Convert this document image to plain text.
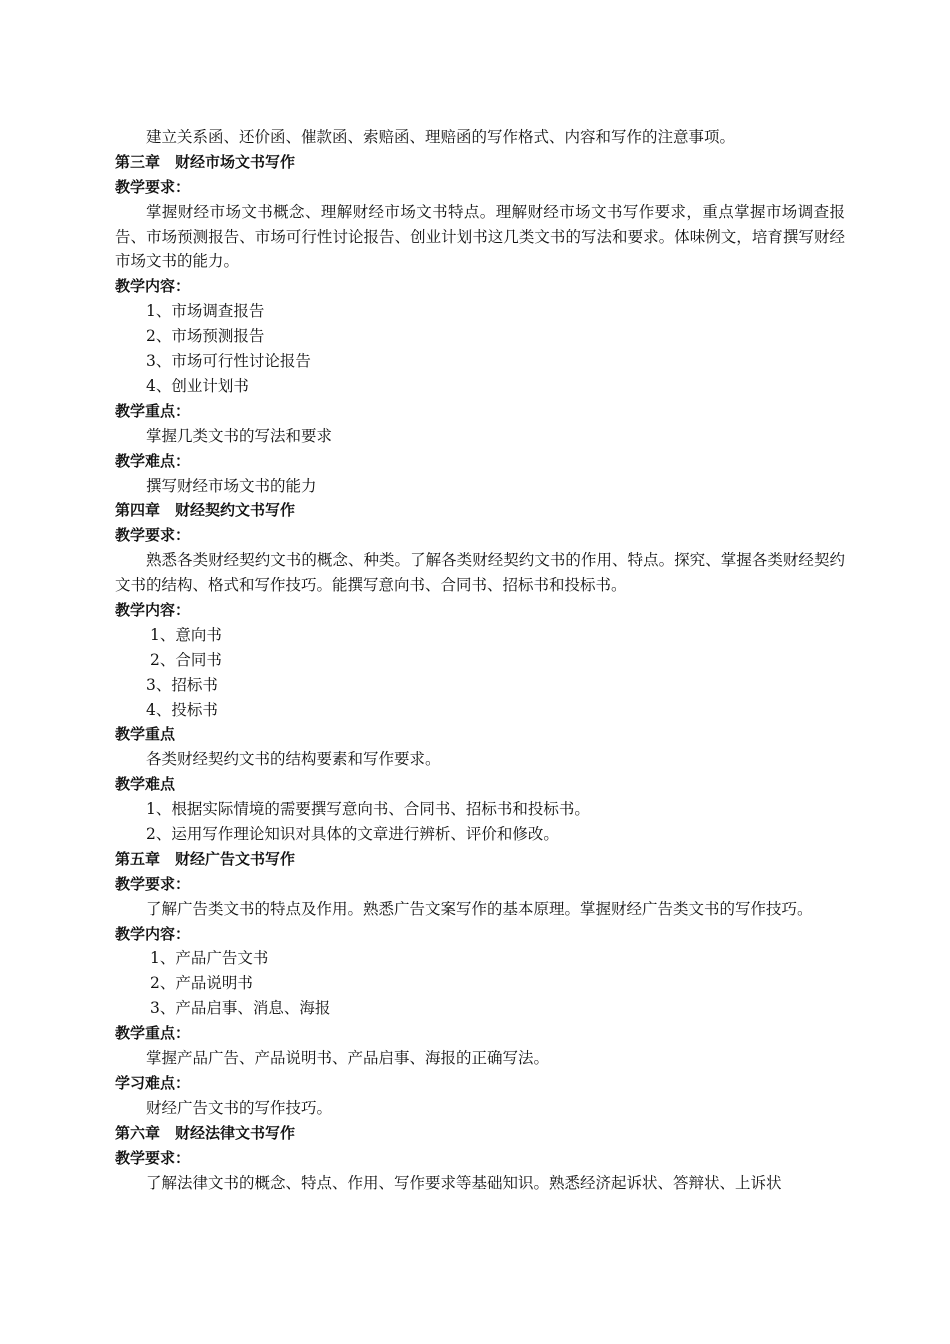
建立关系函、还价函、催款函、索赔函、理赔函的写作格式、内容和写作的注意事项。
第三章　财经市场文书写作
教学要求：
掌握财经市场文书概念、理解财经市场文书特点。理解财经市场文书写作要求，重点掌握市场调查报告、市场预测报告、市场可行性讨论报告、创业计划书这几类文书的写法和要求。体味例文，培育撰写财经市场文书的能力。
教学内容：
1、市场调查报告
2、市场预测报告
3、市场可行性讨论报告
4、创业计划书
教学重点：
掌握几类文书的写法和要求
教学难点：
撰写财经市场文书的能力
第四章　财经契约文书写作
教学要求：
熟悉各类财经契约文书的概念、种类。了解各类财经契约文书的作用、特点。探究、掌握各类财经契约文书的结构、格式和写作技巧。能撰写意向书、合同书、招标书和投标书。
教学内容：
1、意向书
2、合同书
3、招标书
4、投标书
教学重点
各类财经契约文书的结构要素和写作要求。
教学难点
1、根据实际情境的需要撰写意向书、合同书、招标书和投标书。
2、运用写作理论知识对具体的文章进行辨析、评价和修改。
第五章　财经广告文书写作
教学要求：
了解广告类文书的特点及作用。熟悉广告文案写作的基本原理。掌握财经广告类文书的写作技巧。
教学内容：
1、产品广告文书
2、产品说明书
3、产品启事、消息、海报
教学重点：
掌握产品广告、产品说明书、产品启事、海报的正确写法。
学习难点：
财经广告文书的写作技巧。
第六章　财经法律文书写作
教学要求：
了解法律文书的概念、特点、作用、写作要求等基础知识。熟悉经济起诉状、答辩状、上诉状
